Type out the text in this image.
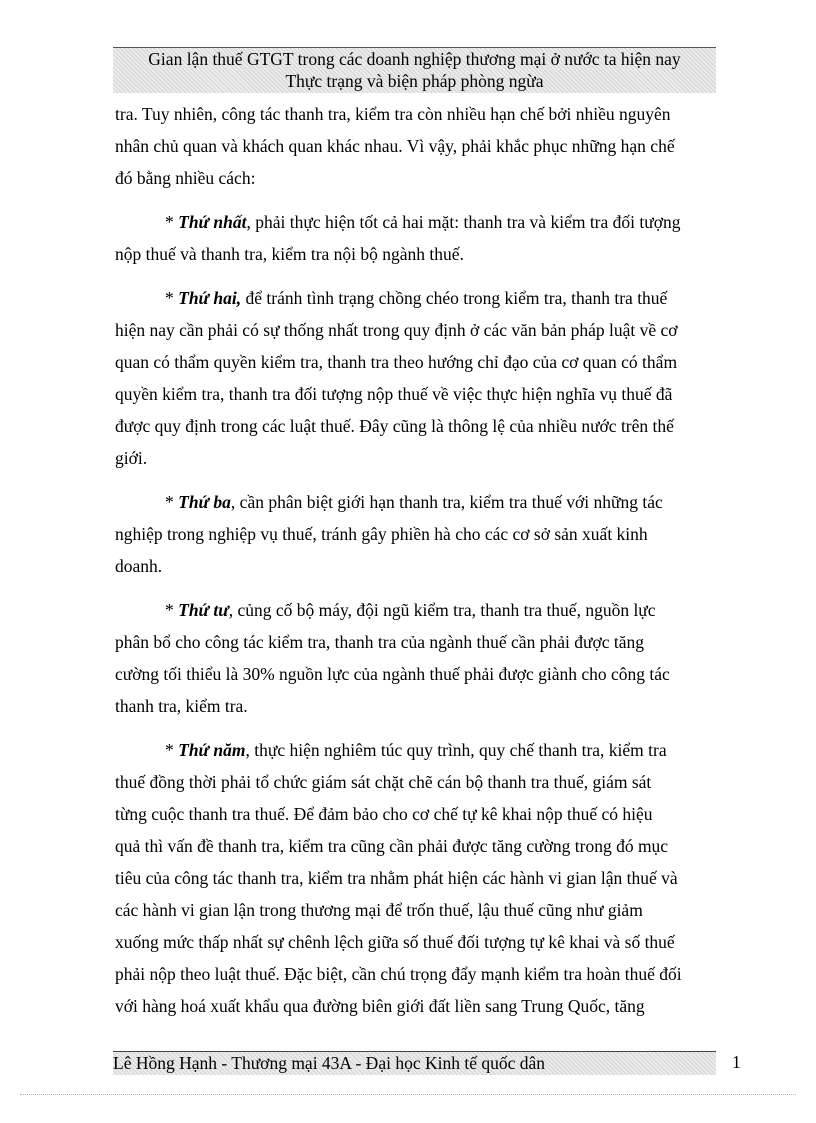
Gian lận thuế GTGT trong các doanh nghiệp thương mại ở nước ta hiện nay
Thực trạng và biện pháp phòng ngừa

tra. Tuy nhiên, công tác thanh tra, kiểm tra còn nhiều hạn chế bởi nhiều nguyên

nhân chủ quan và khách quan khác nhau. Vì vậy, phải khắc phục những hạn chế

đó bằng nhiều cách:

* Thứ nhất, phải thực hiện tốt cả hai mặt: thanh tra và kiểm tra đối tượng

nộp thuế và thanh tra, kiểm tra nội bộ ngành thuế.

* Thứ hai, để tránh tình trạng chồng chéo trong kiểm tra, thanh tra thuế

hiện nay cần phải có sự thống nhất trong quy định ở các văn bản pháp luật về cơ

quan có thẩm quyền kiểm tra, thanh tra theo hướng chỉ đạo của cơ quan có thẩm

quyền kiểm tra, thanh tra đối tượng nộp thuế về việc thực hiện nghĩa vụ thuế đã

được quy định trong các luật thuế. Đây cũng là thông lệ của nhiều nước trên thế

giới.

* Thứ ba, cần phân biệt giới hạn thanh tra, kiểm tra thuế với những tác

nghiệp trong nghiệp vụ thuế, tránh gây phiền hà cho các cơ sở sản xuất kinh

doanh.

* Thứ tư, củng cố bộ máy, đội ngũ kiểm tra, thanh tra thuế, nguồn lực

phân bổ cho công tác kiểm tra, thanh tra của ngành thuế cần phải được tăng

cường tối thiểu là 30% nguồn lực của ngành thuế phải được giành cho công tác

thanh tra, kiểm tra.

* Thứ năm, thực hiện nghiêm túc quy trình, quy chế thanh tra, kiểm tra

thuế đồng thời phải tổ chức giám sát chặt chẽ cán bộ thanh tra thuế, giám sát

từng cuộc thanh tra thuế. Để đảm bảo cho cơ chế tự kê khai nộp thuế có hiệu

quả thì vấn đề thanh tra, kiểm tra cũng cần phải được tăng cường trong đó mục

tiêu của công tác thanh tra, kiểm tra nhằm phát hiện các hành vi gian lận thuế và

các hành vi gian lận trong thương mại để trốn thuế, lậu thuế cũng như giảm

xuống mức thấp nhất sự chênh lệch giữa số thuế đối tượng tự kê khai và số thuế

phải nộp theo luật thuế. Đặc biệt, cần chú trọng đẩy mạnh kiểm tra hoàn thuế đối

với hàng hoá xuất khẩu qua đường biên giới đất liền sang Trung Quốc, tăng

Lê Hồng Hạnh - Thương mại 43A - Đại học Kinh tế quốc dân	1
